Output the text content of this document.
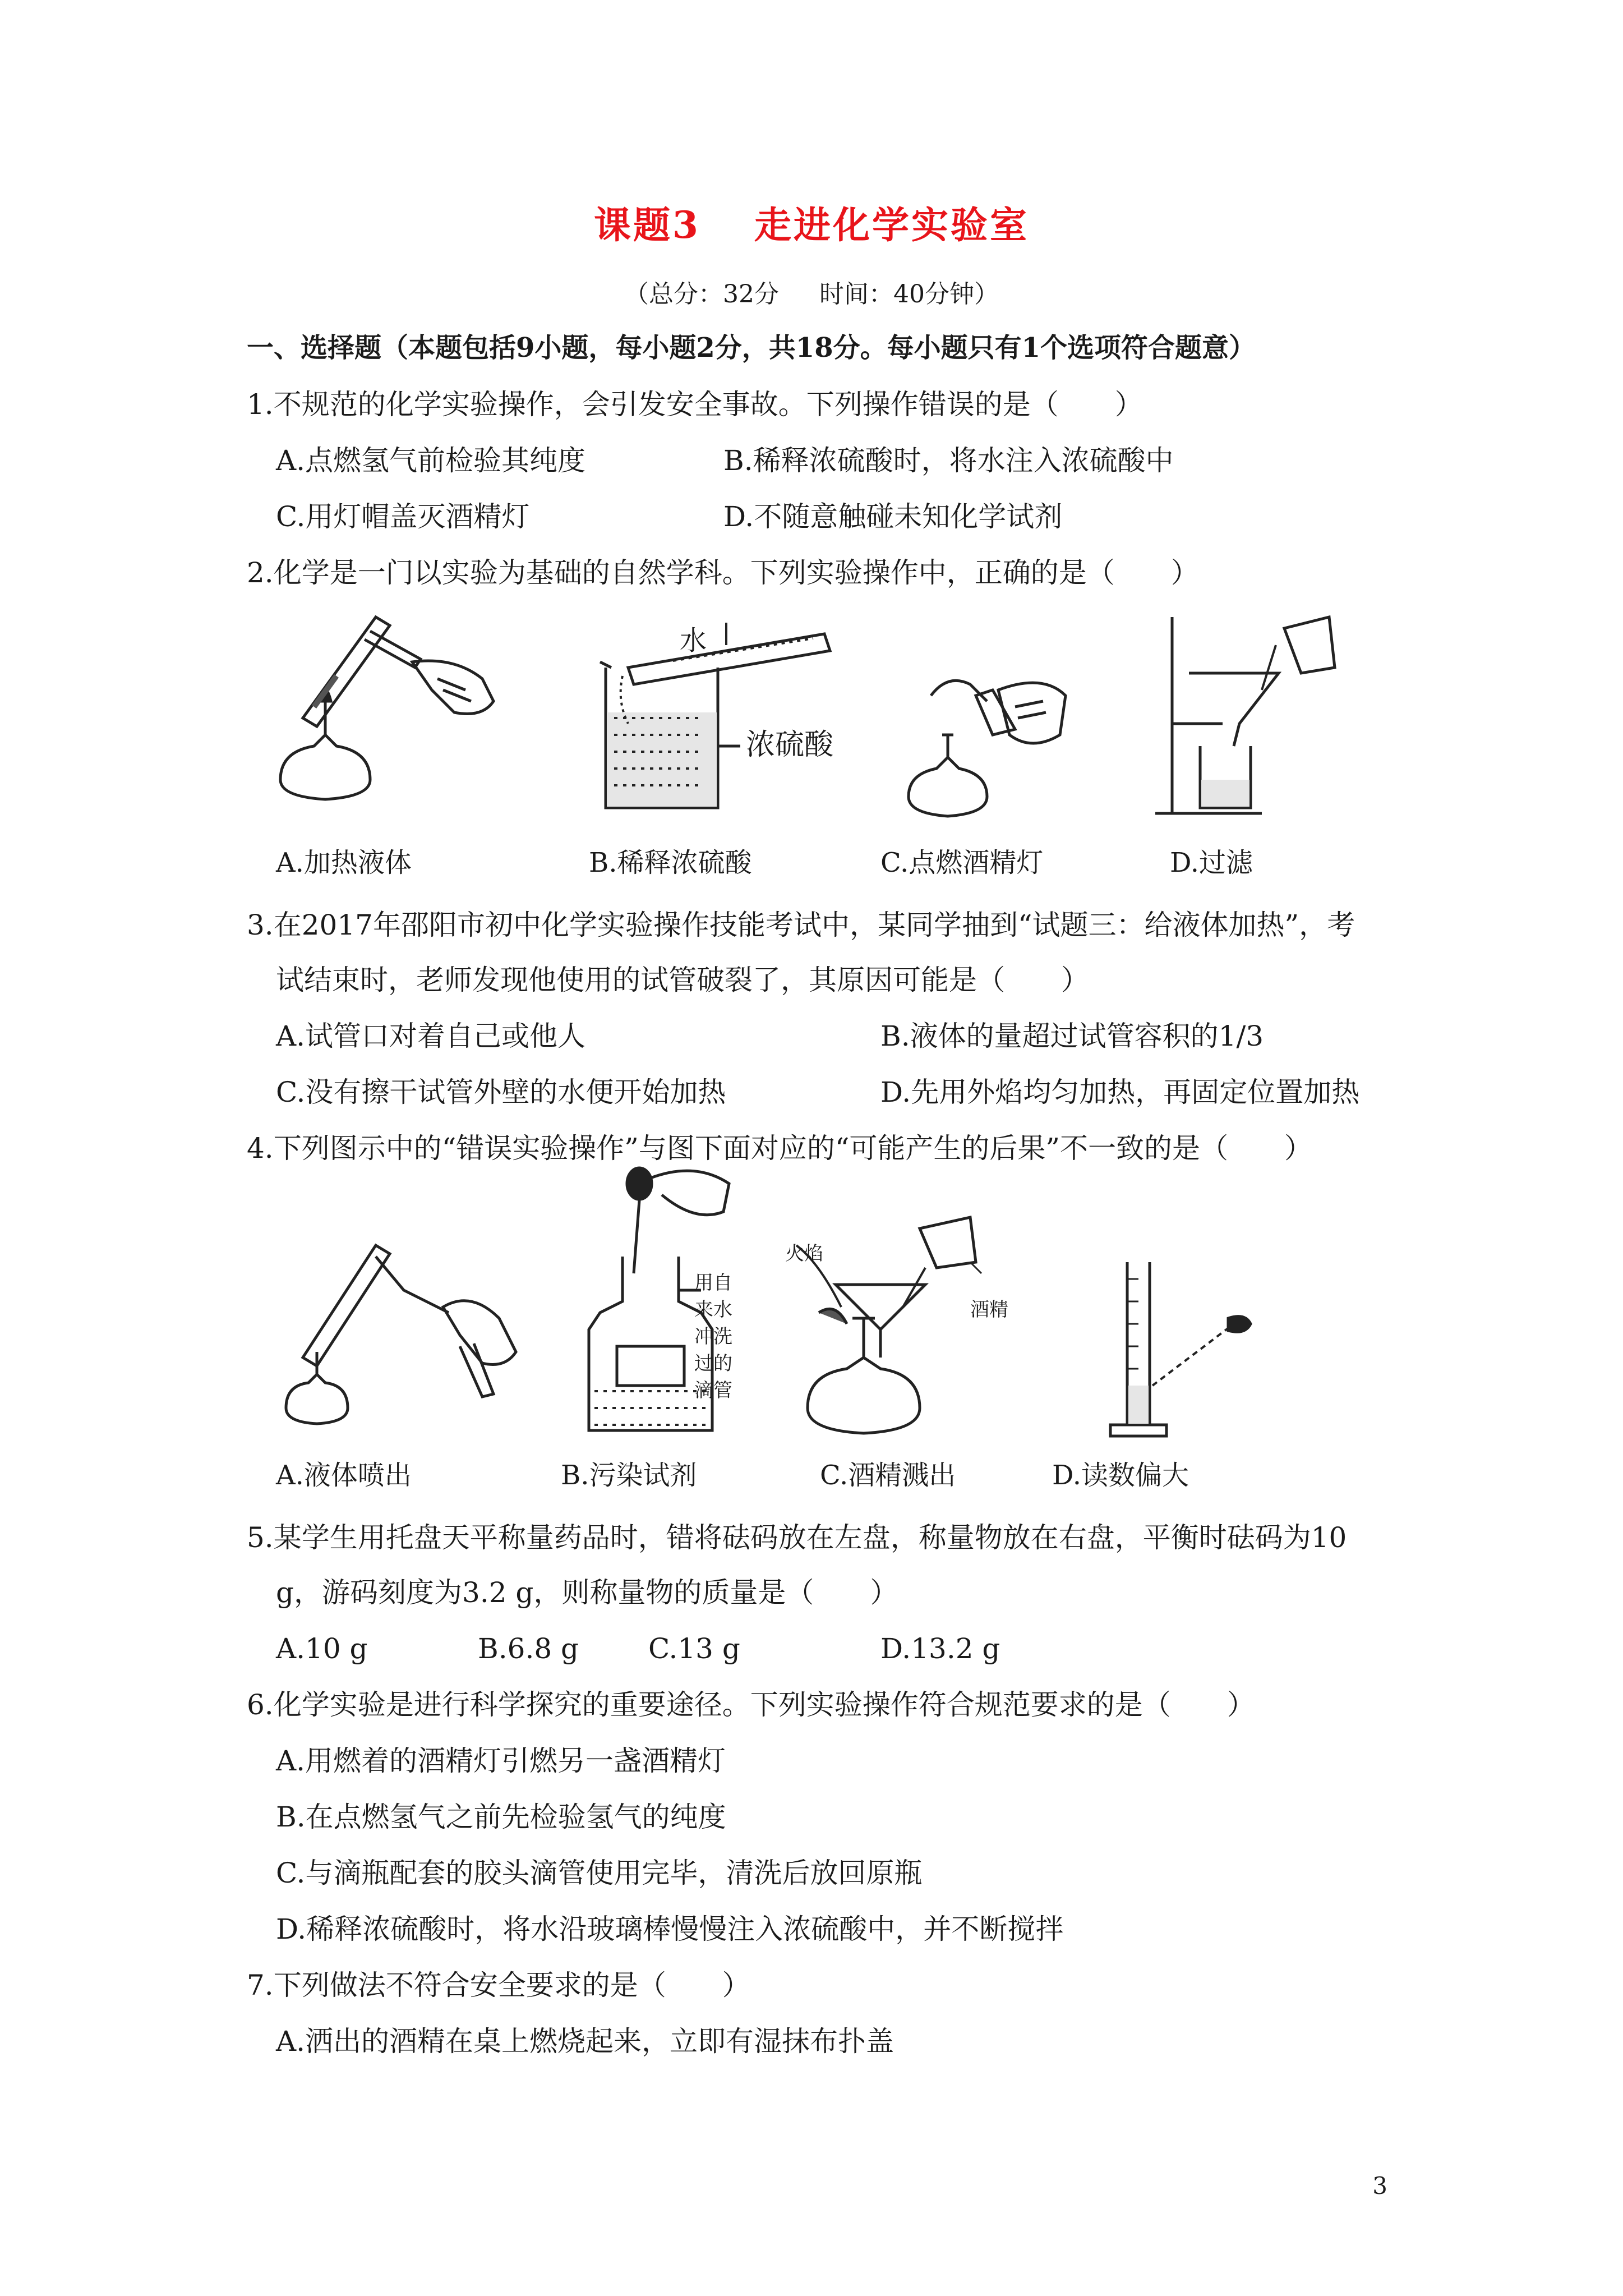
课题3 走进化学实验室
（总分：32分 时间：40分钟）
一、选择题（本题包括9小题，每小题2分，共18分。每小题只有1个选项符合题意）
1.不规范的化学实验操作，会引发安全事故。下列操作错误的是（　　）
A.点燃氢气前检验其纯度	B.稀释浓硫酸时，将水注入浓硫酸中
C.用灯帽盖灭酒精灯	D.不随意触碰未知化学试剂
2.化学是一门以实验为基础的自然学科。下列实验操作中，正确的是（　　）
水
浓硫酸
A.加热液体	B.稀释浓硫酸	C.点燃酒精灯	D.过滤
3.在2017年邵阳市初中化学实验操作技能考试中，某同学抽到“试题三：给液体加热”，考
试结束时，老师发现他使用的试管破裂了，其原因可能是（　　）
A.试管口对着自己或他人	B.液体的量超过试管容积的1/3
C.没有擦干试管外壁的水便开始加热	D.先用外焰均匀加热，再固定位置加热
4.下列图示中的“错误实验操作”与图下面对应的“可能产生的后果”不一致的是（　　）
用自
来水
冲洗
过的
滴管
火焰
酒精
A.液体喷出	B.污染试剂	C.酒精溅出	D.读数偏大
5.某学生用托盘天平称量药品时，错将砝码放在左盘，称量物放在右盘，平衡时砝码为10
g，游码刻度为3.2 g，则称量物的质量是（　　）
A.10 g	B.6.8 g C.13 g	D.13.2 g
6.化学实验是进行科学探究的重要途径。下列实验操作符合规范要求的是（　　）
A.用燃着的酒精灯引燃另一盏酒精灯
B.在点燃氢气之前先检验氢气的纯度
C.与滴瓶配套的胶头滴管使用完毕，清洗后放回原瓶
D.稀释浓硫酸时，将水沿玻璃棒慢慢注入浓硫酸中，并不断搅拌
7.下列做法不符合安全要求的是（　　）
A.洒出的酒精在桌上燃烧起来，立即有湿抹布扑盖
3
